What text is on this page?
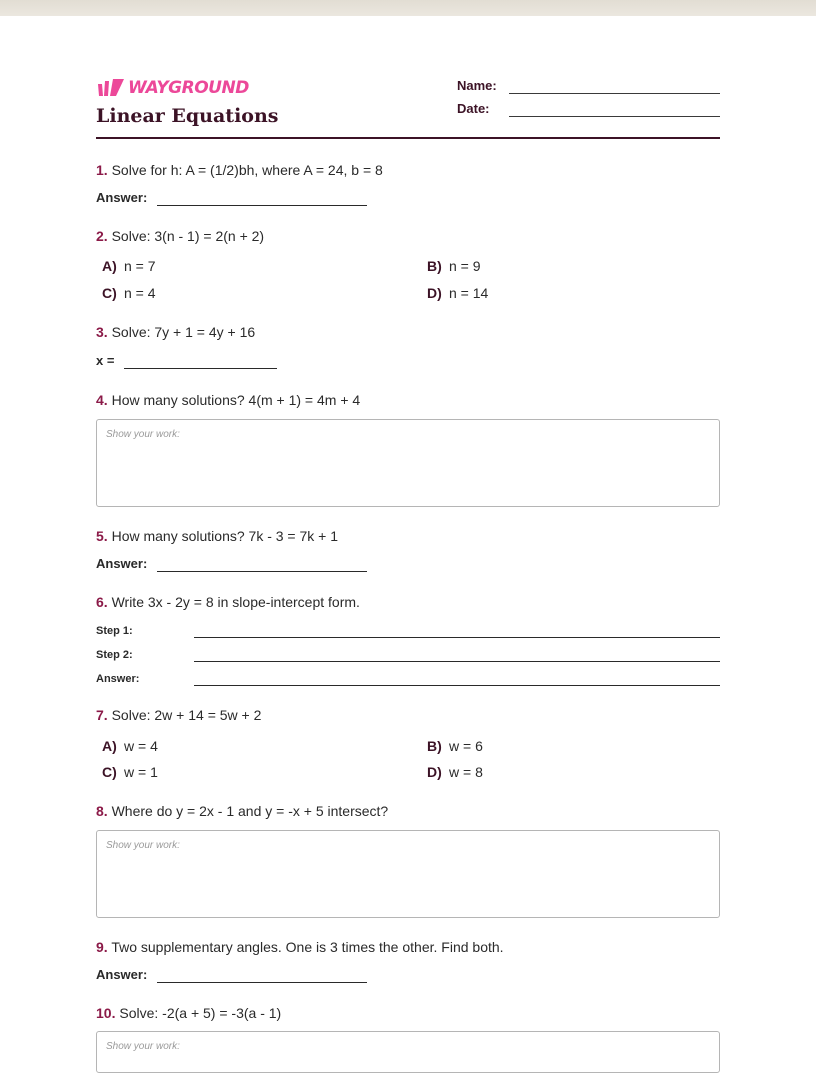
WAYGROUND
Linear Equations
Name:
Date:
1. Solve for h: A = (1/2)bh, where A = 24, b = 8
Answer:
2. Solve: 3(n - 1) = 2(n + 2)
A) n = 7	B) n = 9
C) n = 4	D) n = 14
3. Solve: 7y + 1 = 4y + 16
x =
4. How many solutions? 4(m + 1) = 4m + 4
Show your work:
5. How many solutions? 7k - 3 = 7k + 1
Answer:
6. Write 3x - 2y = 8 in slope-intercept form.
Step 1:
Step 2:
Answer:
7. Solve: 2w + 14 = 5w + 2
A) w = 4	B) w = 6
C) w = 1	D) w = 8
8. Where do y = 2x - 1 and y = -x + 5 intersect?
Show your work:
9. Two supplementary angles. One is 3 times the other. Find both.
Answer:
10. Solve: -2(a + 5) = -3(a - 1)
Show your work:
